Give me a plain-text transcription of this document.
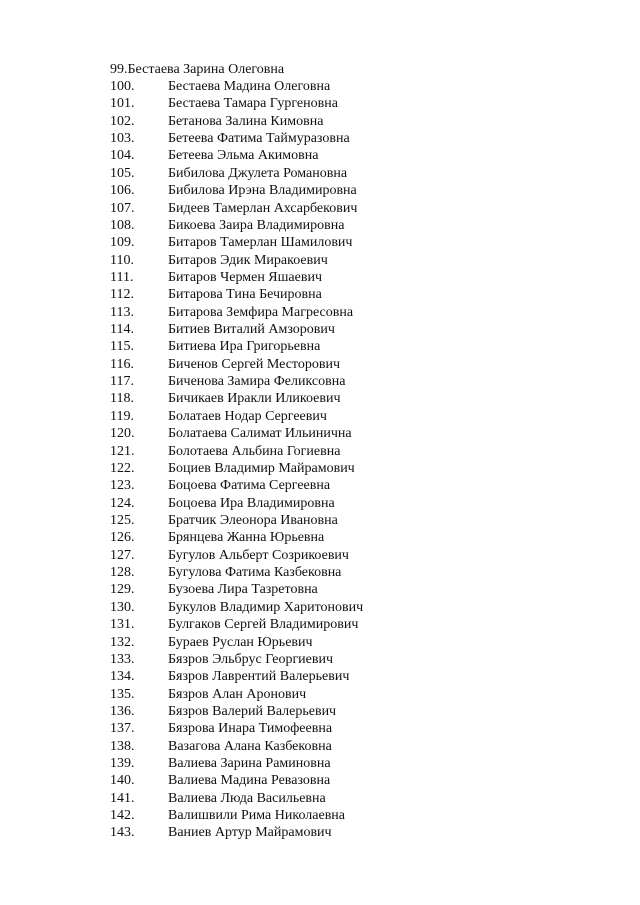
99.Бестаева Зарина Олеговна
100. Бестаева Мадина Олеговна
101. Бестаева Тамара Гургеновна
102. Бетанова Залина Кимовна
103. Бетеева Фатима Таймуразовна
104. Бетеева Эльма Акимовна
105. Бибилова Джулета Романовна
106. Бибилова Ирэна Владимировна
107. Бидеев Тамерлан Ахсарбекович
108. Бикоева Заира Владимировна
109. Битаров Тамерлан Шамилович
110. Битаров Эдик Миракоевич
111. Битаров Чермен Яшаевич
112. Битарова Тина Бечировна
113. Битарова Земфира Магресовна
114. Битиев Виталий Амзорович
115. Битиева Ира Григорьевна
116. Биченов Сергей Месторович
117. Биченова Замира Феликсовна
118. Бичикаев Иракли Иликоевич
119. Болатаев Нодар Сергеевич
120. Болатаева Салимат Ильинична
121. Болотаева Альбина Гогиевна
122. Боциев Владимир Майрамович
123. Боцоева Фатима Сергеевна
124. Боцоева Ира Владимировна
125. Братчик Элеонора Ивановна
126. Брянцева Жанна Юрьевна
127. Бугулов Альберт Созрикоевич
128. Бугулова Фатима Казбековна
129. Бузоева Лира Тазретовна
130. Букулов Владимир Харитонович
131. Булгаков Сергей Владимирович
132. Бураев Руслан Юрьевич
133. Бязров Эльбрус Георгиевич
134. Бязров Лаврентий Валерьевич
135. Бязров Алан Аронович
136. Бязров Валерий Валерьевич
137. Бязрова Инара Тимофеевна
138. Вазагова Алана Казбековна
139. Валиева Зарина Раминовна
140. Валиева Мадина Ревазовна
141. Валиева Люда Васильевна
142. Валишвили Рима Николаевна
143. Ваниев Артур Майрамович
